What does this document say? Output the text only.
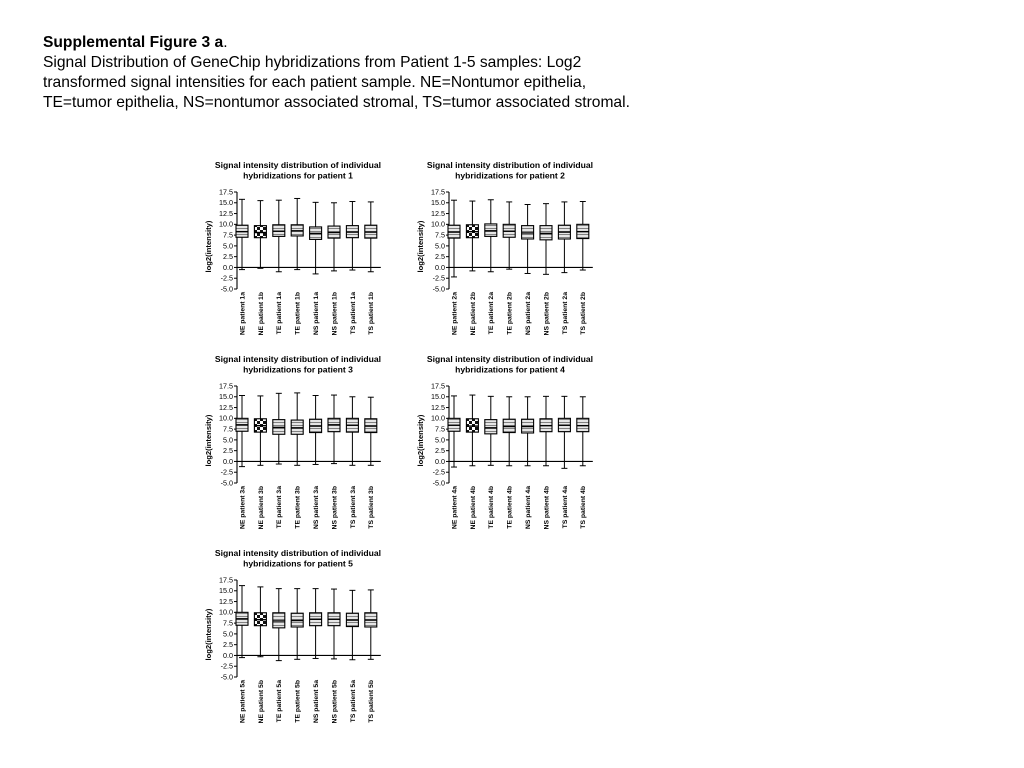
Supplemental Figure 3 a.
Signal Distribution of GeneChip hybridizations from Patient 1-5 samples: Log2 transformed signal intensities for each patient sample. NE=Nontumor epithelia, TE=tumor epithelia, NS=nontumor associated stromal, TS=tumor associated stromal.
Signal intensity distribution of individual
hybridizations for patient 1
17.5
15.0
12.5
10.0
7.5
5.0
2.5
0.0
-2.5
-5.0
log2(intensity)
NE patient 1a NE patient 1b TE patient 1a TE patient 1b NS patient 1a NS patient 1b TS patient 1a TS patient 1b
Signal intensity distribution of individual
hybridizations for patient 2
17.5
15.0
12.5
10.0
7.5
5.0
2.5
0.0
-2.5
-5.0
log2(intensity)
NE patient 2a NE patient 2b TE patient 2a TE patient 2b NS patient 2a NS patient 2b TS patient 2a TS patient 2b
Signal intensity distribution of individual
hybridizations for patient 3
17.5
15.0
12.5
10.0
7.5
5.0
2.5
0.0
-2.5
-5.0
log2(intensity)
NE patient 3a NE patient 3b TE patient 3a TE patient 3b NS patient 3a NS patient 3b TS patient 3a TS patient 3b
Signal intensity distribution of individual
hybridizations for patient 4
17.5
15.0
12.5
10.0
7.5
5.0
2.5
0.0
-2.5
-5.0
log2(intensity)
NE patient 4a NE patient 4b TE patient 4b TE patient 4b NS patient 4a NS patient 4b TS patient 4a TS patient 4b
Signal intensity distribution of individual
hybridizations for patient 5
17.5
15.0
12.5
10.0
7.5
5.0
2.5
0.0
-2.5
-5.0
log2(intensity)
NE patient 5a NE patient 5b TE patient 5a TE patient 5b NS patient 5a NS patient 5b TS patient 5a TS patient 5b
